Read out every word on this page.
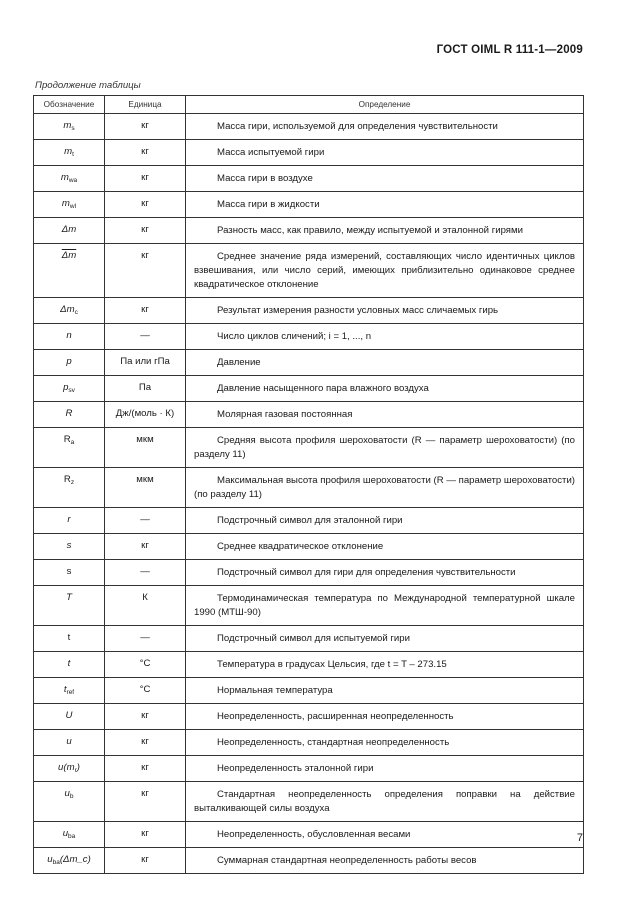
ГОСТ OIML R 111-1—2009
Продолжение таблицы
Обозначение	Единица	Определение
$m_s$	кг	Масса гири, используемой для определения чувствительности

$m_t$	кг	Масса испытуемой гири

$m_{wa}$	кг	Масса гири в воздухе

$m_{wl}$	кг	Масса гири в жидкости

Δm	кг	Разность масс, как правило, между испытуемой и эталонной гирями

$\overline{\Delta m}$	кг	Среднее значение ряда измерений, составляющих число идентичных циклов взвешивания, или число серий, имеющих приблизительно одинаковое среднее квадратическое отклонение

$\Delta m_c$	кг	Результат измерения разности условных масс сличаемых гирь

n	—	Число циклов сличений; i = 1, ..., n

p	Па или гПа	Давление

$p_{sv}$	Па	Давление насыщенного пара влажного воздуха

R	Дж/(моль · К)	Молярная газовая постоянная

$R_a$	мкм	Средняя высота профиля шероховатости (R — параметр шероховатости) (по разделу 11)

$R_z$	мкм	Максимальная высота профиля шероховатости (R — параметр шероховатости) (по разделу 11)

r	—	Подстрочный символ для эталонной гири

s	кг	Среднее квадратическое отклонение

s	—	Подстрочный символ для гири для определения чувствительности

T	К	Термодинамическая температура по Международной температурной шкале 1990 (МТШ-90)

t	—	Подстрочный символ для испытуемой гири

t	°C	Температура в градусах Цельсия, где t = T – 273.15

$t_{ref}$	°C	Нормальная температура

U	кг	Неопределенность, расширенная неопределенность

u	кг	Неопределенность, стандартная неопределенность

$u(m_r)$	кг	Неопределенность эталонной гири

$u_b$	кг	Стандартная неопределенность определения поправки на действие выталкивающей силы воздуха

$u_{ba}$	кг	Неопределенность, обусловленная весами

$u_{ba}(\Delta m\_c)$	кг	Суммарная стандартная неопределенность работы весов
7
